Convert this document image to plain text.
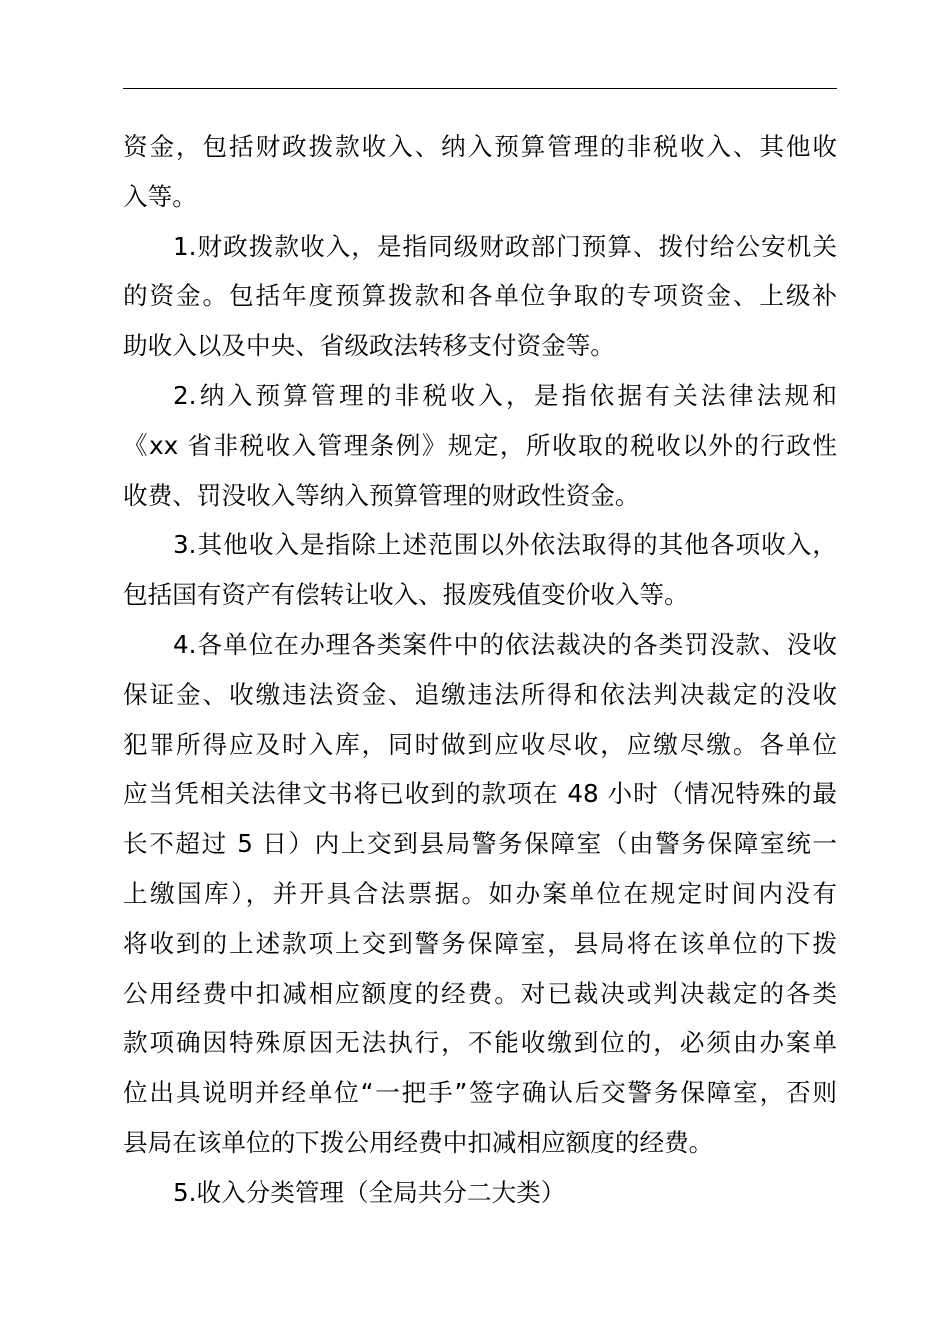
资金，包括财政拨款收入、纳入预算管理的非税收入、其他收
入等。
1.财政拨款收入，是指同级财政部门预算、拨付给公安机关
的资金。包括年度预算拨款和各单位争取的专项资金、上级补
助收入以及中央、省级政法转移支付资金等。
2.纳入预算管理的非税收入，是指依据有关法律法规和
《xx 省非税收入管理条例》规定，所收取的税收以外的行政性
收费、罚没收入等纳入预算管理的财政性资金。
3.其他收入是指除上述范围以外依法取得的其他各项收入，
包括国有资产有偿转让收入、报废残值变价收入等。
4.各单位在办理各类案件中的依法裁决的各类罚没款、没收
保证金、收缴违法资金、追缴违法所得和依法判决裁定的没收
犯罪所得应及时入库，同时做到应收尽收，应缴尽缴。各单位
应当凭相关法律文书将已收到的款项在 48 小时（情况特殊的最
长不超过 5 日）内上交到县局警务保障室（由警务保障室统一
上缴国库），并开具合法票据。如办案单位在规定时间内没有
将收到的上述款项上交到警务保障室，县局将在该单位的下拨
公用经费中扣减相应额度的经费。对已裁决或判决裁定的各类
款项确因特殊原因无法执行，不能收缴到位的，必须由办案单
位出具说明并经单位“一把手”签字确认后交警务保障室，否则
县局在该单位的下拨公用经费中扣减相应额度的经费。
5.收入分类管理（全局共分二大类）
